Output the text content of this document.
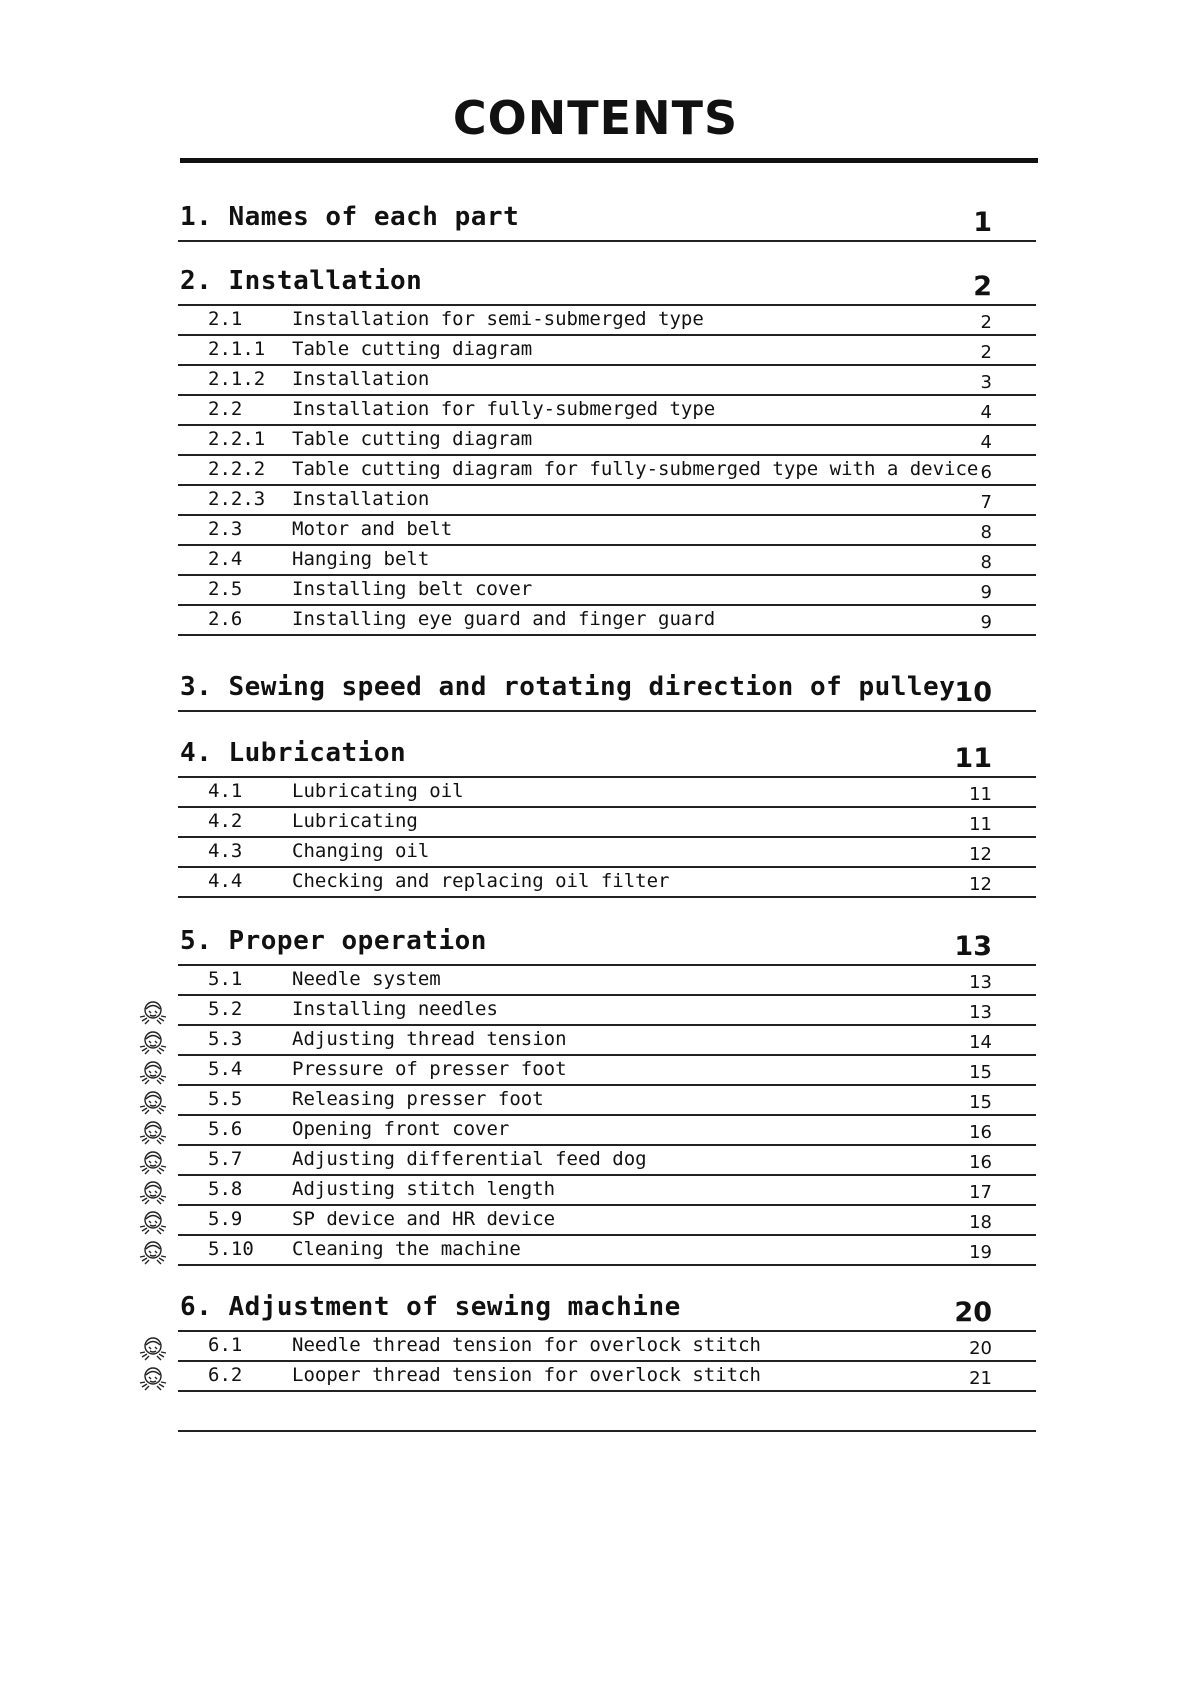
CONTENTS
1. Names of each part	1
2. Installation	2
2.1	Installation for semi-submerged type	2
2.1.1 Table cutting diagram	2
2.1.2 Installation	3
2.2	Installation for fully-submerged type	4
2.2.1 Table cutting diagram	4
2.2.2 Table cutting diagram for fully-submerged type with a device 6
2.2.3 Installation	7
2.3	Motor and belt	8
2.4	Hanging belt	8
2.5	Installing belt cover	9
2.6	Installing eye guard and finger guard	9
3. Sewing speed and rotating direction of pulley 10
4. Lubrication	11
4.1	Lubricating oil	11
4.2	Lubricating	11
4.3	Changing oil	12
4.4	Checking and replacing oil filter	12
5. Proper operation	13
5.1	Needle system	13
5.2	Installing needles	13
5.3	Adjusting thread tension	14
5.4	Pressure of presser foot	15
5.5	Releasing presser foot	15
5.6	Opening front cover	16
5.7	Adjusting differential feed dog	16
5.8	Adjusting stitch length	17
5.9	SP device and HR device	18
5.10 Cleaning the machine	19
6. Adjustment of sewing machine	20
6.1	Needle thread tension for overlock stitch	20
6.2	Looper thread tension for overlock stitch	21
